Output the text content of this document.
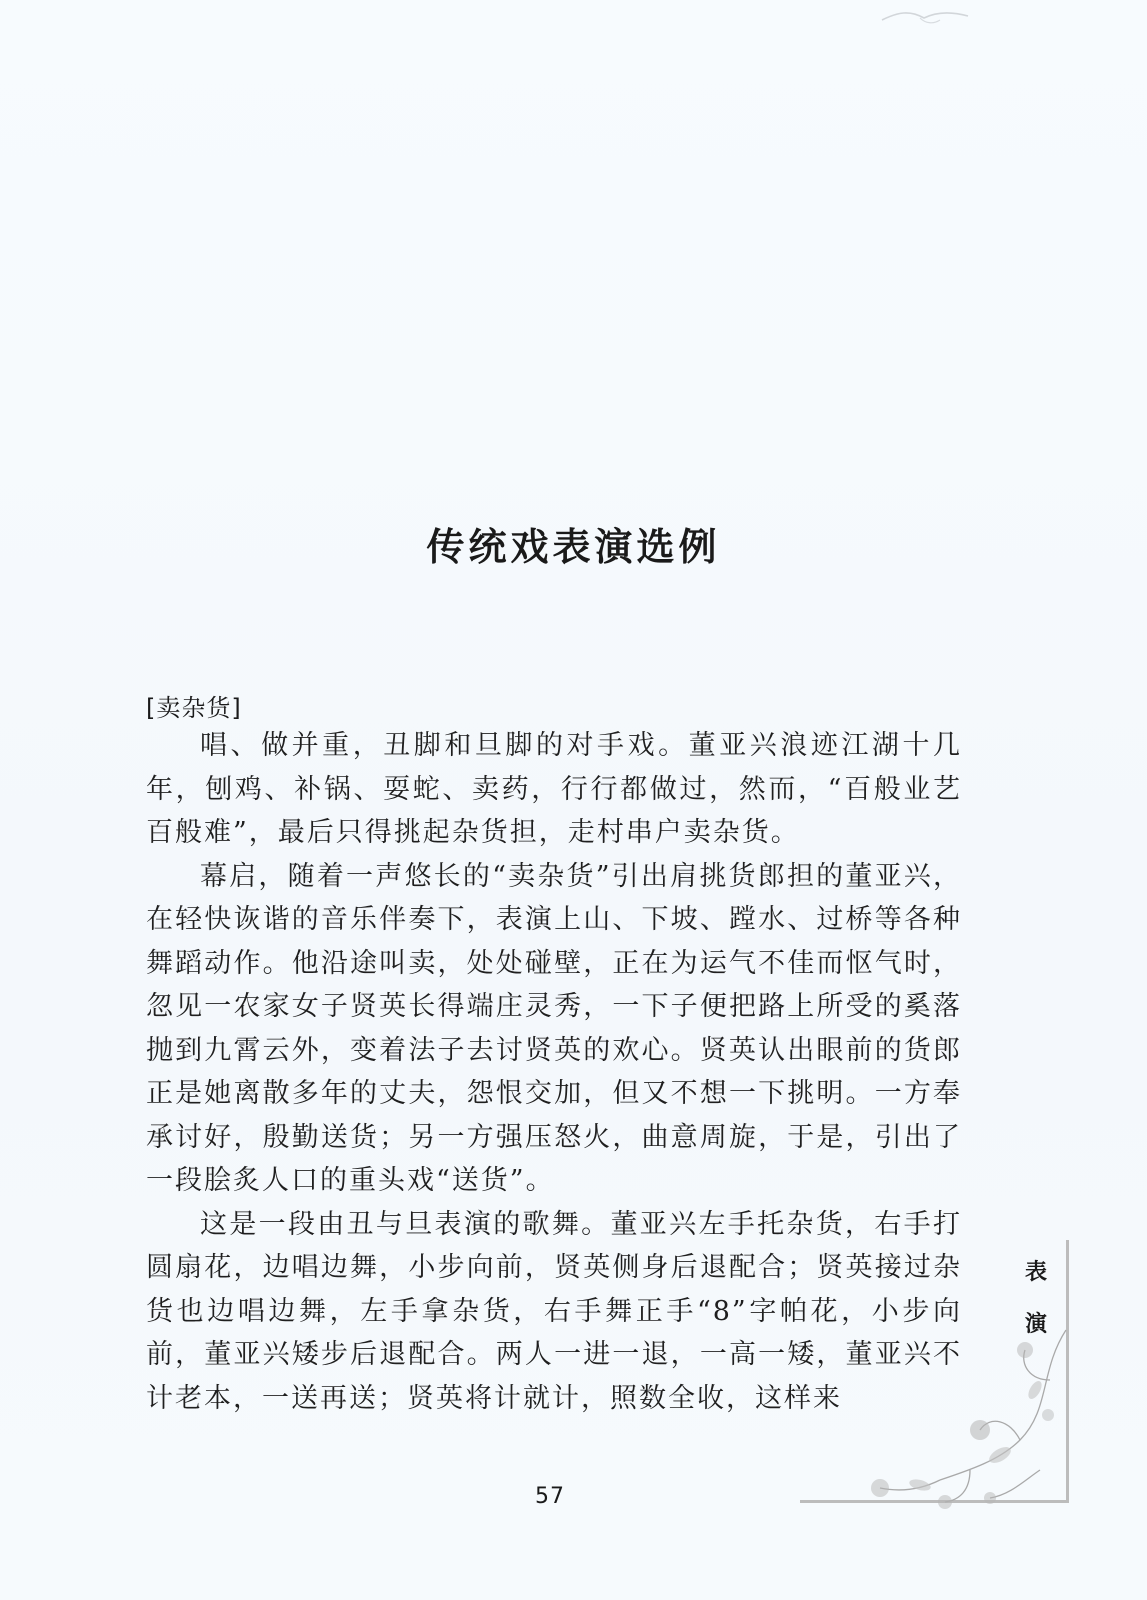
传统戏表演选例
[卖杂货]

唱、做并重，丑脚和旦脚的对手戏。董亚兴浪迹江湖十几年，刨鸡、补锅、耍蛇、卖药，行行都做过，然而，“百般业艺百般难”，最后只得挑起杂货担，走村串户卖杂货。

幕启，随着一声悠长的“卖杂货”引出肩挑货郎担的董亚兴，在轻快诙谐的音乐伴奏下，表演上山、下坡、蹚水、过桥等各种舞蹈动作。他沿途叫卖，处处碰壁，正在为运气不佳而怄气时，忽见一农家女子贤英长得端庄灵秀，一下子便把路上所受的奚落抛到九霄云外，变着法子去讨贤英的欢心。贤英认出眼前的货郎正是她离散多年的丈夫，怨恨交加，但又不想一下挑明。一方奉承讨好，殷勤送货；另一方强压怒火，曲意周旋，于是，引出了一段脍炙人口的重头戏“送货”。

这是一段由丑与旦表演的歌舞。董亚兴左手托杂货，右手打圆扇花，边唱边舞，小步向前，贤英侧身后退配合；贤英接过杂货也边唱边舞，左手拿杂货，右手舞正手“8”字帕花，小步向前，董亚兴矮步后退配合。两人一进一退，一高一矮，董亚兴不计老本，一送再送；贤英将计就计，照数全收，这样来

表
演
57
